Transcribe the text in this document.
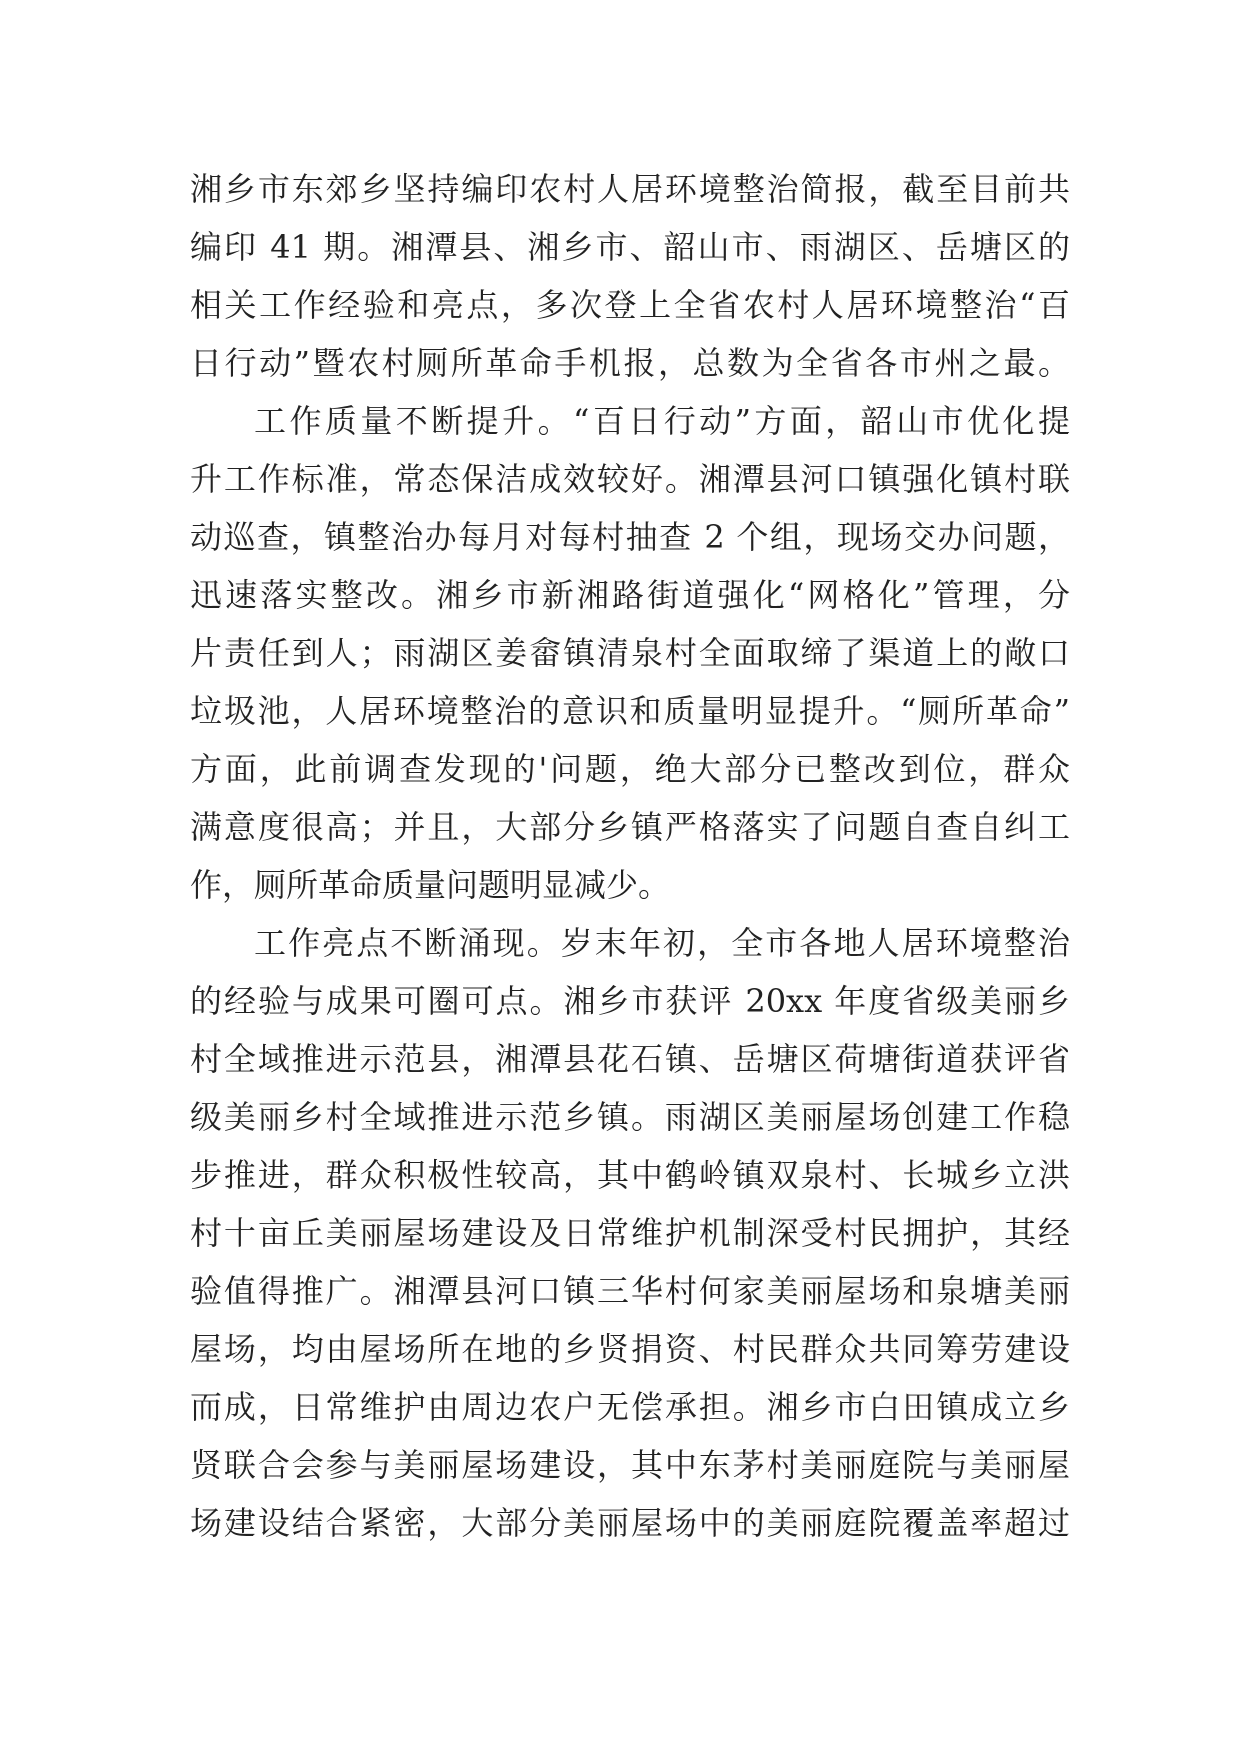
湘乡市东郊乡坚持编印农村人居环境整治简报，截至目前共
编印 41 期。湘潭县、湘乡市、韶山市、雨湖区、岳塘区的
相关工作经验和亮点，多次登上全省农村人居环境整治“百
日行动”暨农村厕所革命手机报，总数为全省各市州之最。
工作质量不断提升。“百日行动”方面，韶山市优化提
升工作标准，常态保洁成效较好。湘潭县河口镇强化镇村联
动巡查，镇整治办每月对每村抽查 2 个组，现场交办问题，
迅速落实整改。湘乡市新湘路街道强化“网格化”管理，分
片责任到人；雨湖区姜畲镇清泉村全面取缔了渠道上的敞口
垃圾池，人居环境整治的意识和质量明显提升。“厕所革命”
方面，此前调查发现的'问题，绝大部分已整改到位，群众
满意度很高；并且，大部分乡镇严格落实了问题自查自纠工
作，厕所革命质量问题明显减少。
工作亮点不断涌现。岁末年初，全市各地人居环境整治
的经验与成果可圈可点。湘乡市获评 20xx 年度省级美丽乡
村全域推进示范县，湘潭县花石镇、岳塘区荷塘街道获评省
级美丽乡村全域推进示范乡镇。雨湖区美丽屋场创建工作稳
步推进，群众积极性较高，其中鹤岭镇双泉村、长城乡立洪
村十亩丘美丽屋场建设及日常维护机制深受村民拥护，其经
验值得推广。湘潭县河口镇三华村何家美丽屋场和泉塘美丽
屋场，均由屋场所在地的乡贤捐资、村民群众共同筹劳建设
而成，日常维护由周边农户无偿承担。湘乡市白田镇成立乡
贤联合会参与美丽屋场建设，其中东茅村美丽庭院与美丽屋
场建设结合紧密，大部分美丽屋场中的美丽庭院覆盖率超过
